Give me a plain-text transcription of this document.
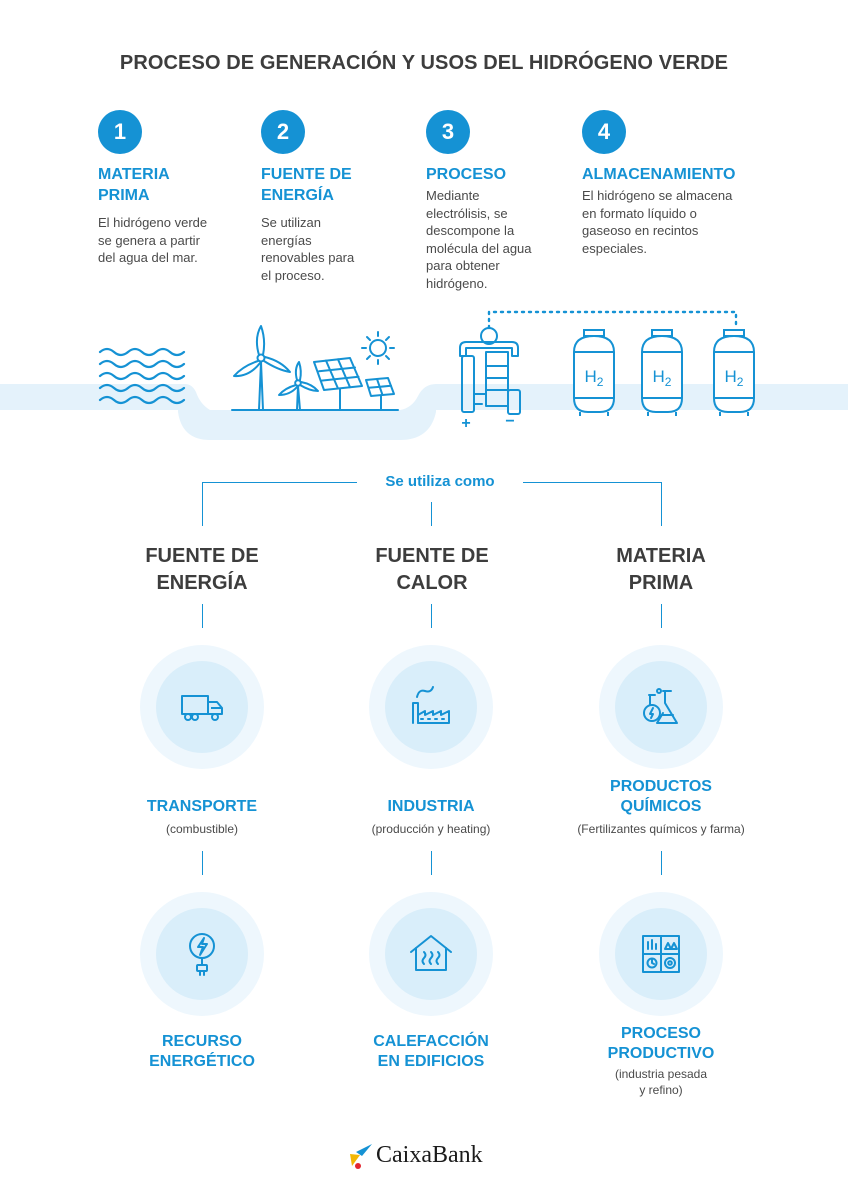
PROCESO DE GENERACIÓN Y USOS DEL HIDRÓGENO VERDE
1
MATERIA
PRIMA
El hidrógeno verde
se genera a partir
del agua del mar.
2
FUENTE DE
ENERGÍA
Se utilizan
energías
renovables para
el proceso.
3
PROCESO
Mediante
electrólisis, se
descompone la
molécula del agua
para obtener
hidrógeno.
4
ALMACENAMIENTO
El hidrógeno se almacena
en formato líquido o
gaseoso en recintos
especiales.
+ −
$H_2$	$H_2$	$H_2$
Se utiliza como
FUENTE DE
ENERGÍA
TRANSPORTE
(combustible)
RECURSO
ENERGÉTICO
FUENTE DE
CALOR
INDUSTRIA
(producción y heating)
CALEFACCIÓN
EN EDIFICIOS
MATERIA
PRIMA
PRODUCTOS
QUÍMICOS
(Fertilizantes químicos y farma)
PROCESO
PRODUCTIVO
(industria pesada
y refino)
CaixaBank
